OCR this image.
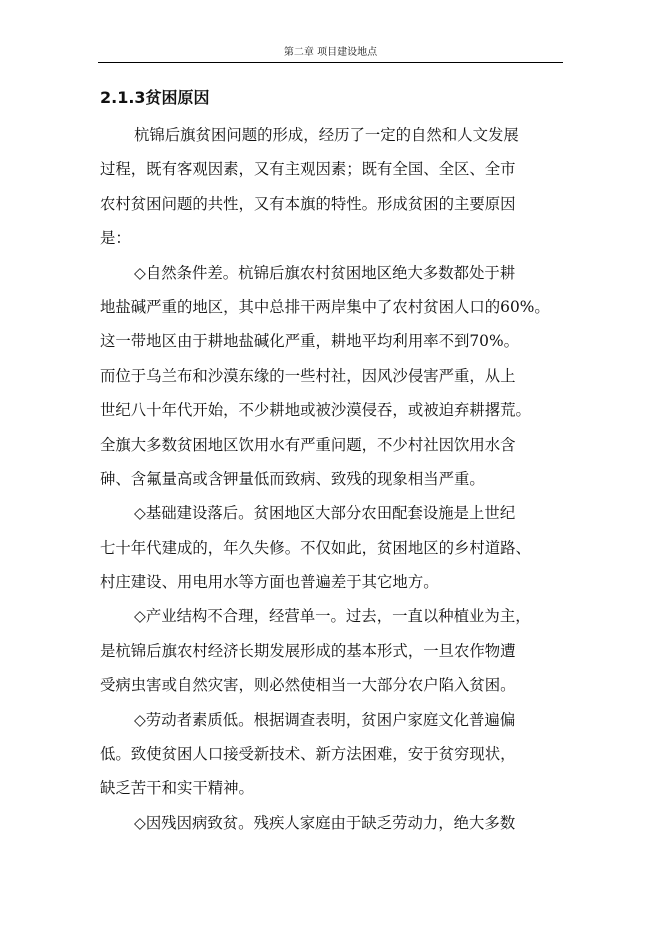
第二章 项目建设地点
2.1.3贫困原因
杭锦后旗贫困问题的形成，经历了一定的自然和人文发展
过程，既有客观因素，又有主观因素；既有全国、全区、全市
农村贫困问题的共性，又有本旗的特性。形成贫困的主要原因
是：
◇自然条件差。杭锦后旗农村贫困地区绝大多数都处于耕
地盐碱严重的地区，其中总排干两岸集中了农村贫困人口的60%。
这一带地区由于耕地盐碱化严重，耕地平均利用率不到70%。
而位于乌兰布和沙漠东缘的一些村社，因风沙侵害严重，从上
世纪八十年代开始，不少耕地或被沙漠侵吞，或被迫弃耕撂荒。
全旗大多数贫困地区饮用水有严重问题，不少村社因饮用水含
砷、含氟量高或含钾量低而致病、致残的现象相当严重。
◇基础建设落后。贫困地区大部分农田配套设施是上世纪
七十年代建成的，年久失修。不仅如此，贫困地区的乡村道路、
村庄建设、用电用水等方面也普遍差于其它地方。
◇产业结构不合理，经营单一。过去，一直以种植业为主，
是杭锦后旗农村经济长期发展形成的基本形式，一旦农作物遭
受病虫害或自然灾害，则必然使相当一大部分农户陷入贫困。
◇劳动者素质低。根据调查表明，贫困户家庭文化普遍偏
低。致使贫困人口接受新技术、新方法困难，安于贫穷现状，
缺乏苦干和实干精神。
◇因残因病致贫。残疾人家庭由于缺乏劳动力，绝大多数
